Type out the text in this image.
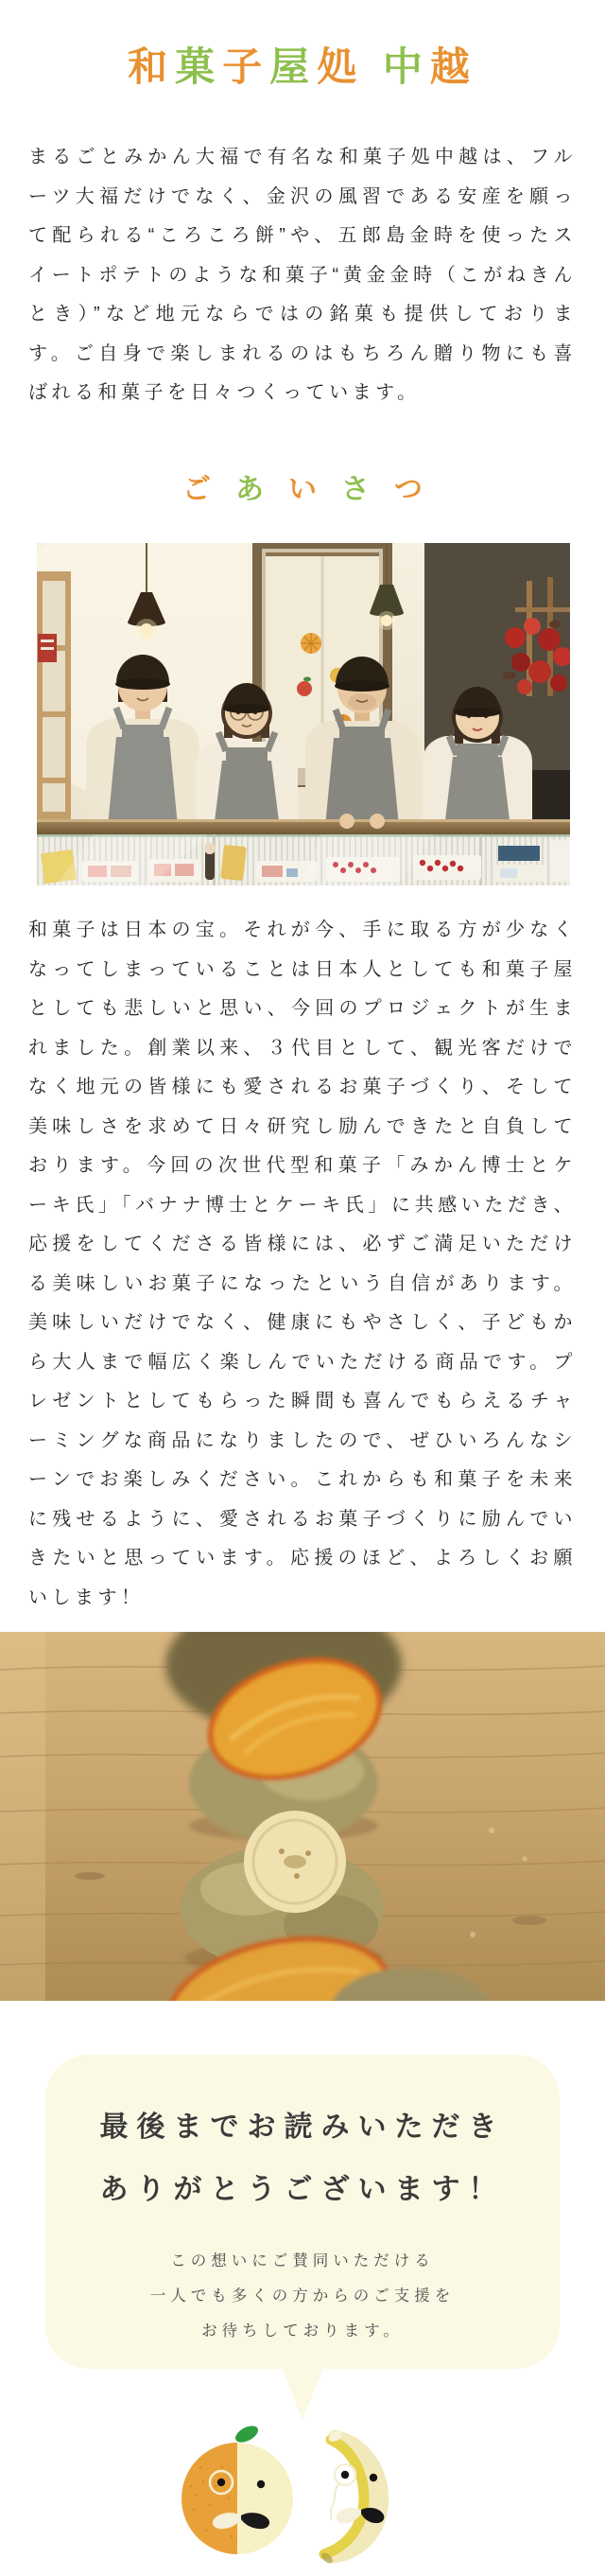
和菓子屋処 中越

まるごとみかん大福で有名な和菓子処中越は、フルーツ大福だけでなく、金沢の風習である安産を願って配られる“ころころ餅”や、五郎島金時を使ったスイートポテトのような和菓子“黄金金時（こがねきんとき）”など地元ならではの銘菓も提供しております。ご自身で楽しまれるのはもちろん贈り物にも喜ばれる和菓子を日々つくっています。

ごあいさつ

和菓子は日本の宝。それが今、手に取る方が少なくなってしまっていることは日本人としても和菓子屋としても悲しいと思い、今回のプロジェクトが生まれました。創業以来、３代目として、観光客だけでなく地元の皆様にも愛されるお菓子づくり、そして美味しさを求めて日々研究し励んできたと自負しております。今回の次世代型和菓子「みかん博士とケーキ氏」「バナナ博士とケーキ氏」に共感いただき、応援をしてくださる皆様には、必ずご満足いただける美味しいお菓子になったという自信があります。美味しいだけでなく、健康にもやさしく、子どもから大人まで幅広く楽しんでいただける商品です。プレゼントとしてもらった瞬間も喜んでもらえるチャーミングな商品になりましたので、ぜひいろんなシーンでお楽しみください。これからも和菓子を未来に残せるように、愛されるお菓子づくりに励んでいきたいと思っています。応援のほど、よろしくお願いします！

最後までお読みいただき
ありがとうございます！
この想いにご賛同いただける
一人でも多くの方からのご支援を
お待ちしております。
